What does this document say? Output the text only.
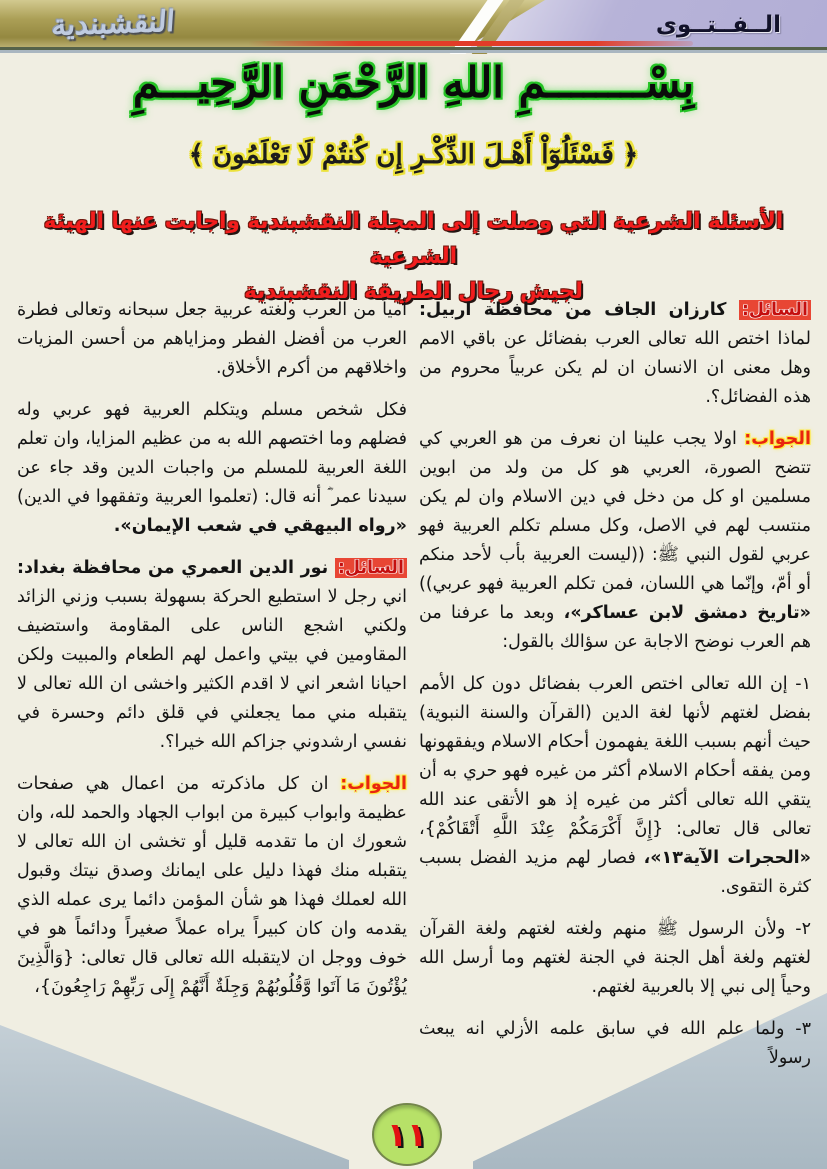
النقشبندية	الــفــتــوى
بِسْــــــــمِ اللهِ الرَّحْمَنِ الرَّحِيـــمِ
﴿ فَسْئَلُوٓاْ أَهْـلَ الذِّكْـرِ إِن كُنتُمْ لَا تَعْلَمُونَ ﴾
الأسئلة الشرعية التي وصلت إلى المجلة النقشبندية واجابت عنها الهيئة الشرعية
لجيش رجال الطريقة النقشبندية

السائل: كارزان الجاف من محافظة اربيل: لماذا اختص الله تعالى العرب بفضائل عن باقي الامم وهل معنى ان الانسان ان لم يكن عربياً محروم من هذه الفضائل؟.

الجواب: اولا يجب علينا ان نعرف من هو العربي كي تتضح الصورة، العربي هو كل من ولد من ابوين مسلمين او كل من دخل في دين الاسلام وان لم يكن منتسب لهم في الاصل، وكل مسلم تكلم العربية فهو عربي لقول النبي ﷺ: ((ليست العربية بأب لأحد منكم أو أمّ، وإنّما هي اللسان، فمن تكلم العربية فهو عربي)) «تاريخ دمشق لابن عساكر»، وبعد ما عرفنا من هم العرب نوضح الاجابة عن سؤالك بالقول:

١- إن الله تعالى اختص العرب بفضائل دون كل الأمم بفضل لغتهم لأنها لغة الدين (القرآن والسنة النبوية) حيث أنهم بسبب اللغة يفهمون أحكام الاسلام ويفقهونها ومن يفقه أحكام الاسلام أكثر من غيره فهو حري به أن يتقي الله تعالى أكثر من غيره إذ هو الأتقى عند الله تعالى قال تعالى: {إِنَّ أَكْرَمَكُمْ عِنْدَ اللَّهِ أَتْقَاكُمْ}، «الحجرات الآية١٣»، فصار لهم مزيد الفضل بسبب كثرة التقوى.

٢- ولأن الرسول ﷺ منهم ولغته لغتهم ولغة القرآن لغتهم ولغة أهل الجنة في الجنة لغتهم وما أرسل الله وحياً إلى نبي إلا بالعربية لغتهم.

٣- ولما علم الله في سابق علمه الأزلي انه يبعث رسولاً

أمياً من العرب ولغته عربية جعل سبحانه وتعالى فطرة العرب من أفضل الفطر ومزاياهم من أحسن المزيات واخلاقهم من أكرم الأخلاق.

فكل شخص مسلم ويتكلم العربية فهو عربي وله فضلهم وما اختصهم الله به من عظيم المزايا، وان تعلم اللغة العربية للمسلم من واجبات الدين وقد جاء عن سيدنا عمر ؓ أنه قال: (تعلموا العربية وتفقهوا في الدين) «رواه البيهقي في شعب الإيمان».

السائل: نور الدين العمري من محافظة بغداد: اني رجل لا استطيع الحركة بسهولة بسبب وزني الزائد ولكني اشجع الناس على المقاومة واستضيف المقاومين في بيتي واعمل لهم الطعام والمبيت ولكن احيانا اشعر اني لا اقدم الكثير واخشى ان الله تعالى لا يتقبله مني مما يجعلني في قلق دائم وحسرة في نفسي ارشدوني جزاكم الله خيرا؟.

الجواب: ان كل ماذكرته من اعمال هي صفحات عظيمة وابواب كبيرة من ابواب الجهاد والحمد لله، وان شعورك ان ما تقدمه قليل أو تخشى ان الله تعالى لا يتقبله منك فهذا دليل على ايمانك وصدق نيتك وقبول الله لعملك فهذا هو شأن المؤمن دائما يرى عمله الذي يقدمه وان كان كبيراً يراه عملاً صغيراً ودائماً هو في خوف ووجل ان لايتقبله الله تعالى قال تعالى: {وَالَّذِينَ يُؤْتُونَ مَا آتَوا وَّقُلُوبُهُمْ وَجِلَةٌ أَنَّهُمْ إِلَى رَبِّهِمْ رَاجِعُونَ}،

١١
